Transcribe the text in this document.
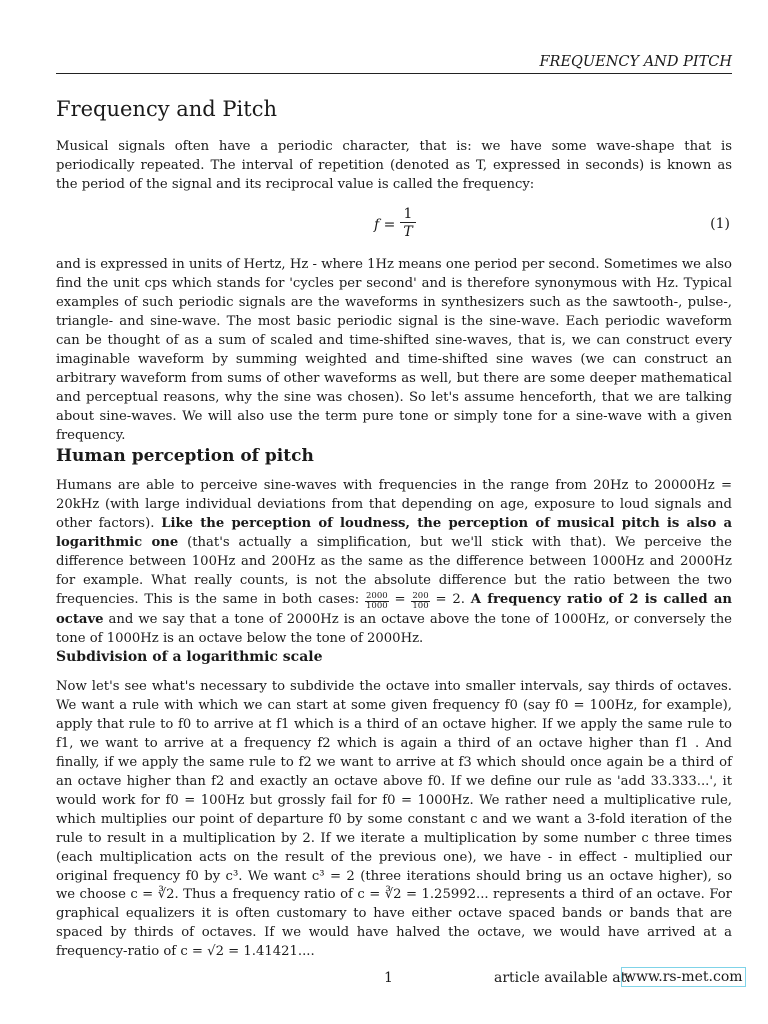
FREQUENCY AND PITCH
Frequency and Pitch

Musical signals often have a periodic character, that is: we have some wave-shape that is periodically repeated. The interval of repetition (denoted as T, expressed in seconds) is known as the period of the signal and its reciprocal value is called the frequency:

f =
1
T	(1)

and is expressed in units of Hertz, Hz - where 1Hz means one period per second. Sometimes we also find the unit cps which stands for 'cycles per second' and is therefore synonymous with Hz. Typical examples of such periodic signals are the waveforms in synthesizers such as the sawtooth-, pulse-, triangle- and sine-wave. The most basic periodic signal is the sine-wave. Each periodic waveform can be thought of as a sum of scaled and time-shifted sine-waves, that is, we can construct every imaginable waveform by summing weighted and time-shifted sine waves (we can construct an arbitrary waveform from sums of other waveforms as well, but there are some deeper mathematical and perceptual reasons, why the sine was chosen). So let's assume henceforth, that we are talking about sine-waves. We will also use the term pure tone or simply tone for a sine-wave with a given frequency.

Human perception of pitch

Humans are able to perceive sine-waves with frequencies in the range from 20Hz to 20000Hz = 20kHz (with large individual deviations from that depending on age, exposure to loud signals and other factors). Like the perception of loudness, the perception of musical pitch is also a logarithmic one (that's actually a simplification, but we'll stick with that). We perceive the difference between 100Hz and 200Hz as the same as the difference between 1000Hz and 2000Hz for example. What really counts, is not the absolute difference but the ratio between the two frequencies. This is the same in both cases: $\frac{2000}{1000} = \frac{200}{100} = 2$. A frequency ratio of 2 is called an octave and we say that a tone of 2000Hz is an octave above the tone of 1000Hz, or conversely the tone of 1000Hz is an octave below the tone of 2000Hz.

Subdivision of a logarithmic scale

Now let's see what's necessary to subdivide the octave into smaller intervals, say thirds of octaves. We want a rule with which we can start at some given frequency f0 (say f0 = 100Hz, for example), apply that rule to f0 to arrive at f1 which is a third of an octave higher. If we apply the same rule to f1, we want to arrive at a frequency f2 which is again a third of an octave higher than f1 . And finally, if we apply the same rule to f2 we want to arrive at f3 which should once again be a third of an octave higher than f2 and exactly an octave above f0. If we define our rule as 'add 33.333...', it would work for f0 = 100Hz but grossly fail for f0 = 1000Hz. We rather need a multiplicative rule, which multiplies our point of departure f0 by some constant c and we want a 3-fold iteration of the rule to result in a multiplication by 2. If we iterate a multiplication by some number c three times (each multiplication acts on the result of the previous one), we have - in effect - multiplied our original frequency f0 by c³. We want c³ = 2 (three iterations should bring us an octave higher), so we choose c = ∛2. Thus a frequency ratio of c = ∛2 = 1.25992... represents a third of an octave. For graphical equalizers it is often customary to have either octave spaced bands or bands that are spaced by thirds of octaves. If we would have halved the octave, we would have arrived at a frequency-ratio of c = √2 = 1.41421....

1	article available at:
www.rs-met.com
